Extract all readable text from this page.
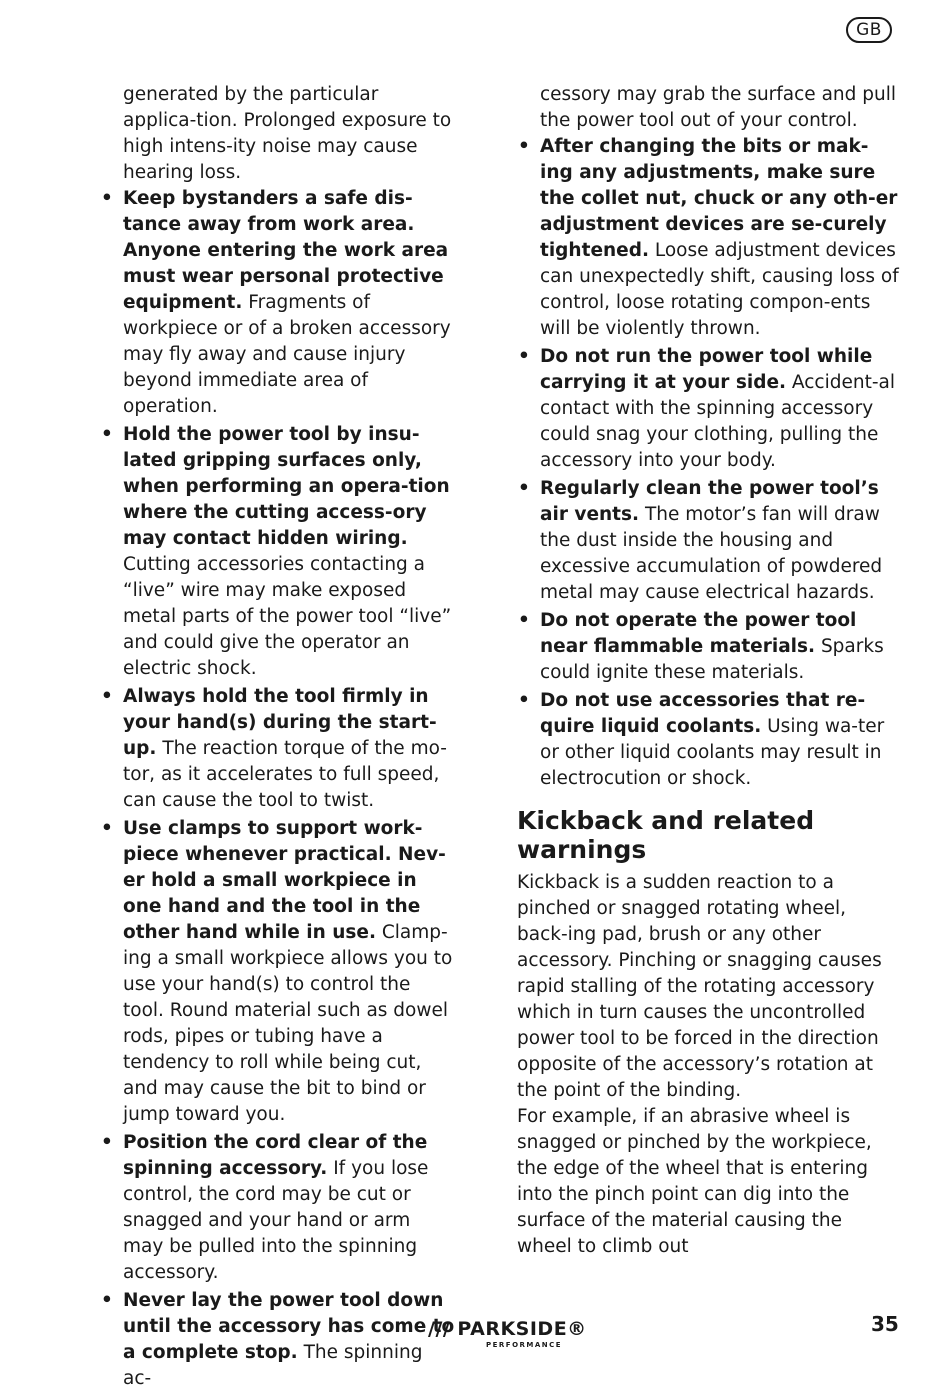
GB

generated by the particular applica-tion. Prolonged exposure to high intens-ity noise may cause hearing loss.

• Keep bystanders a safe dis-tance away from work area. Anyone entering the work area must wear personal protective equipment. Fragments of workpiece or of a broken accessory may fly away and cause injury beyond immediate area of operation.
• Hold the power tool by insu-lated gripping surfaces only, when performing an opera-tion where the cutting access-ory may contact hidden wiring. Cutting accessories contacting a “live” wire may make exposed metal parts of the power tool “live” and could give the operator an electric shock.
• Always hold the tool firmly in your hand(s) during the start-up. The reaction torque of the mo-tor, as it accelerates to full speed, can cause the tool to twist.
• Use clamps to support work-piece whenever practical. Nev-er hold a small workpiece in one hand and the tool in the other hand while in use. Clamp-ing a small workpiece allows you to use your hand(s) to control the tool. Round material such as dowel rods, pipes or tubing have a tendency to roll while being cut, and may cause the bit to bind or jump toward you.
• Position the cord clear of the spinning accessory. If you lose control, the cord may be cut or snagged and your hand or arm may be pulled into the spinning accessory.
• Never lay the power tool down until the accessory has come to a complete stop. The spinning ac-

cessory may grab the surface and pull the power tool out of your control.

• After changing the bits or mak-ing any adjustments, make sure the collet nut, chuck or any oth-er adjustment devices are se-curely tightened. Loose adjustment devices can unexpectedly shift, causing loss of control, loose rotating compon-ents will be violently thrown.
• Do not run the power tool while carrying it at your side. Accident-al contact with the spinning accessory could snag your clothing, pulling the accessory into your body.
• Regularly clean the power tool’s air vents. The motor’s fan will draw the dust inside the housing and excessive accumulation of powdered metal may cause electrical hazards.
• Do not operate the power tool near flammable materials. Sparks could ignite these materials.
• Do not use accessories that re-quire liquid coolants. Using wa-ter or other liquid coolants may result in electrocution or shock.
Kickback and related warnings

Kickback is a sudden reaction to a pinched or snagged rotating wheel, back-ing pad, brush or any other accessory. Pinching or snagging causes rapid stalling of the rotating accessory which in turn causes the uncontrolled power tool to be forced in the direction opposite of the accessory’s rotation at the point of the binding.

For example, if an abrasive wheel is snagged or pinched by the workpiece, the edge of the wheel that is entering into the pinch point can dig into the surface of the material causing the wheel to climb out

/// PARKSIDE®
PERFORMANCE
35
